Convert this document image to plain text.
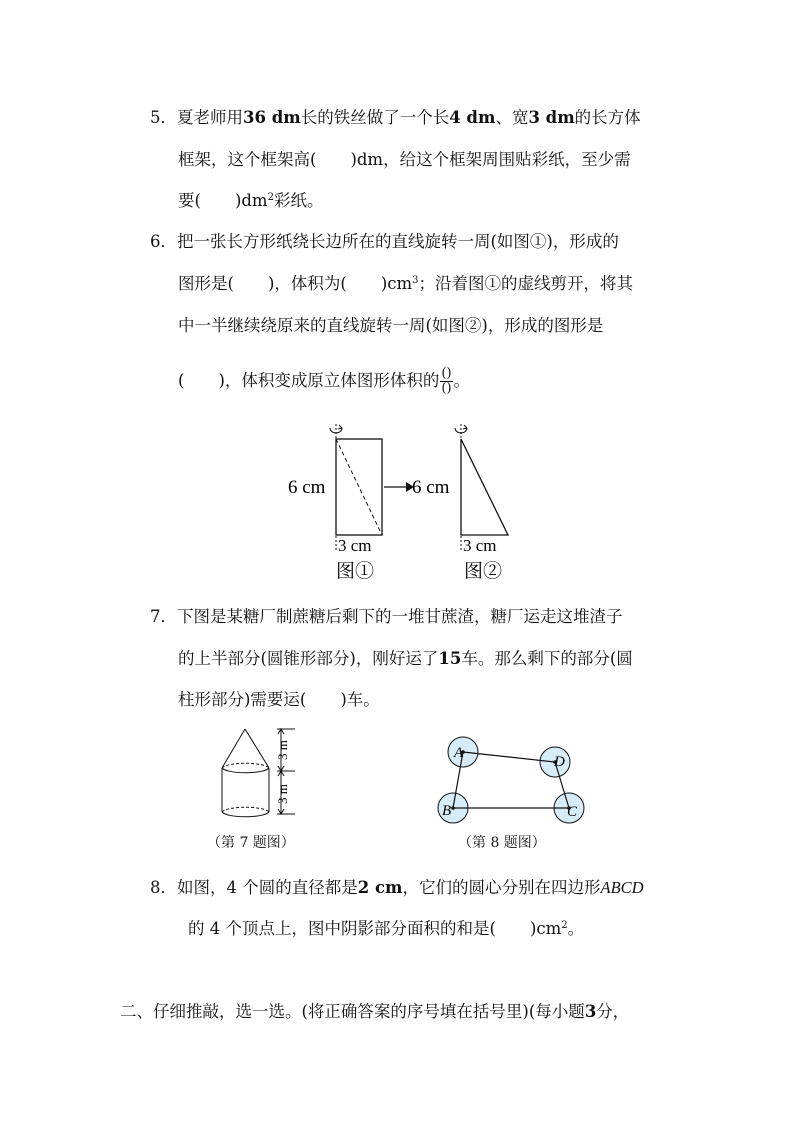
5．夏老师用36 dm长的铁丝做了一个长4 dm、宽3 dm的长方体
框架，这个框架高( )dm，给这个框架周围贴彩纸，至少需
要( )$dm^2$彩纸。
6．把一张长方形纸绕长边所在的直线旋转一周(如图①)，形成的
图形是( )，体积为( )$cm^3$；沿着图①的虚线剪开，将其
中一半继续绕原来的直线旋转一周(如图②)，形成的图形是
( )，体积变成原立体图形体积的 $\frac{()}{()}$ 。
6 cm
3 cm
图①
6 cm
3 cm
图②
7．下图是某糖厂制蔗糖后剩下的一堆甘蔗渣，糖厂运走这堆渣子
的上半部分(圆锥形部分)，刚好运了15车。那么剩下的部分(圆
柱形部分)需要运( )车。
3 m
3 m
（第 7 题图）
A
D
B	C
（第 8 题图）
8．如图，4 个圆的直径都是2 cm，它们的圆心分别在四边形ABCD
的 4 个顶点上，图中阴影部分面积的和是( )$cm^2$。
二、仔细推敲，选一选。(将正确答案的序号填在括号里)(每小题3分，
